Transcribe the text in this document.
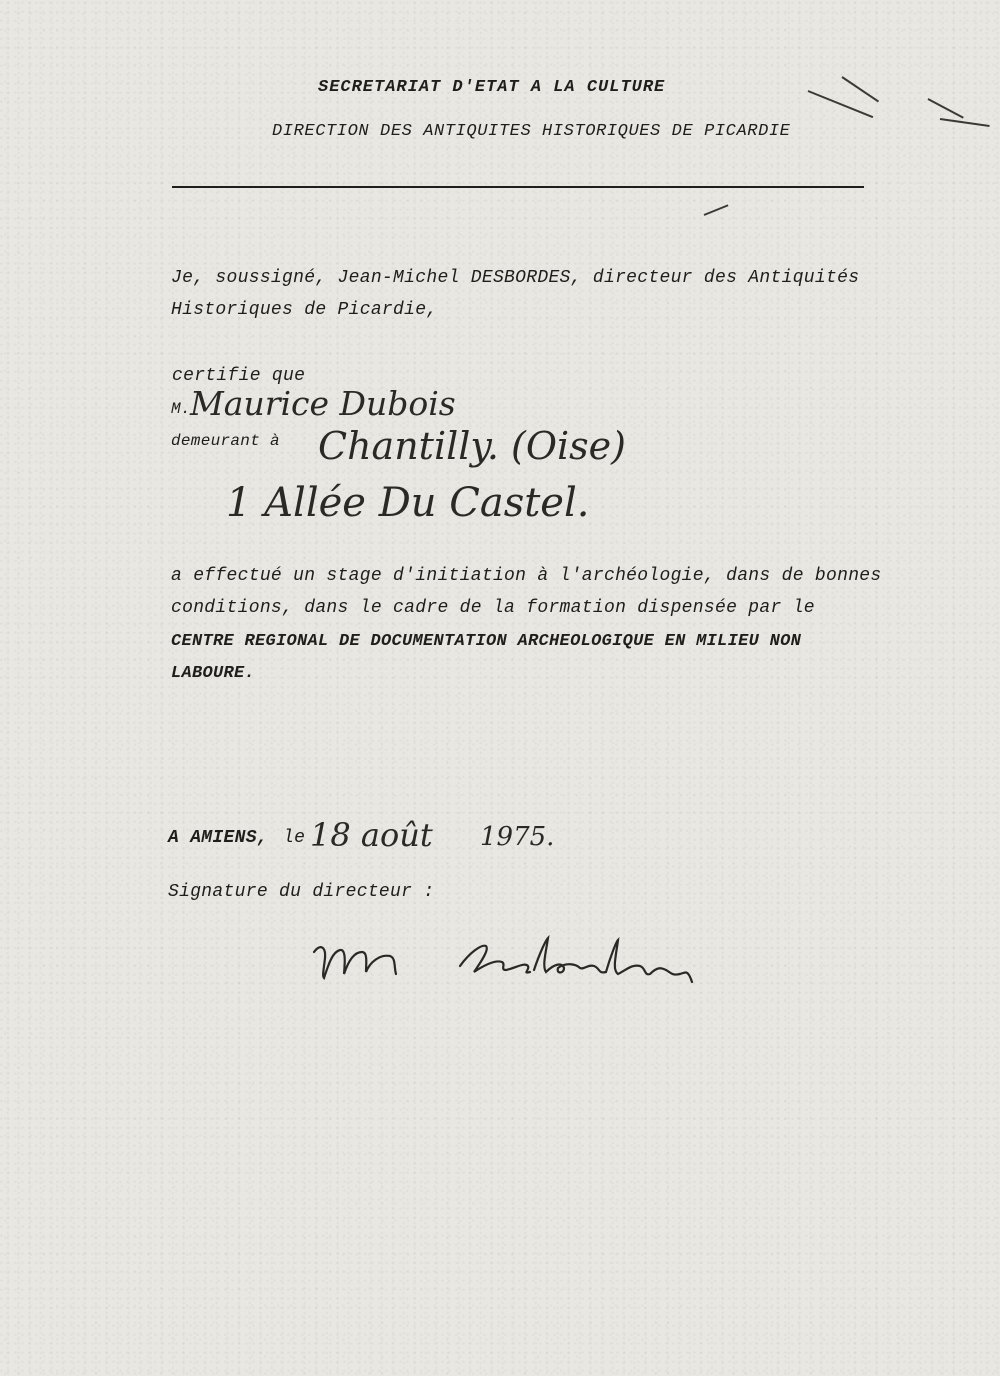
SECRETARIAT D'ETAT A LA CULTURE
DIRECTION DES ANTIQUITES HISTORIQUES DE PICARDIE
Je, soussigné, Jean-Michel DESBORDES, directeur des Antiquités
Historiques de Picardie,
certifie que
M. Maurice Dubois
demeurant à Chantilly. (Oise)
1 Allée Du Castel.
a effectué un stage d'initiation à l'archéologie, dans de bonnes
conditions, dans le cadre de la formation dispensée par le
CENTRE REGIONAL DE DOCUMENTATION ARCHEOLOGIQUE EN MILIEU NON
LABOURE.
A AMIENS, le 18 août 1975.
Signature du directeur :
